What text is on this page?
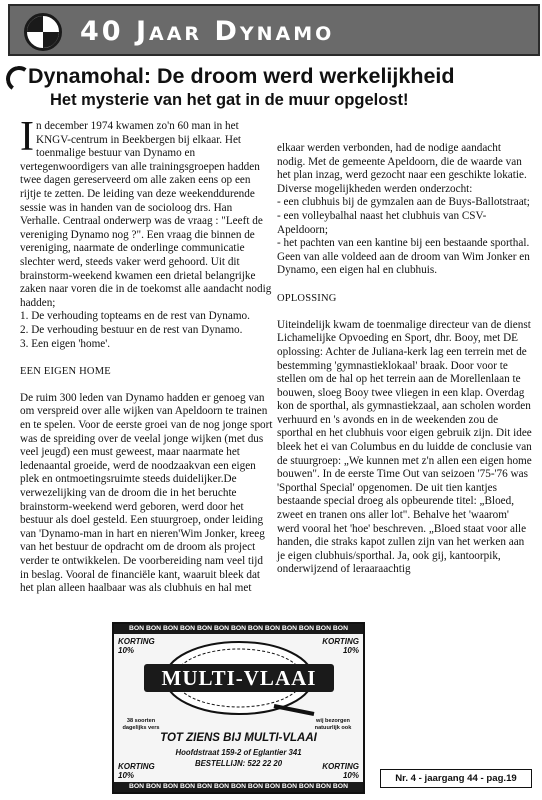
40 Jaar Dynamo
Dynamohal: De droom werd werkelijkheid
Het mysterie van het gat in de muur opgelost!

In december 1974 kwamen zo'n 60 man in het KNGV-centrum in Beekbergen bij elkaar. Het toenmalige bestuur van Dynamo en vertegenwoordigers van alle trainingsgroepen hadden twee dagen gereserveerd om alle zaken eens op een rijtje te zetten. De leiding van deze weekenddurende sessie was in handen van de socioloog drs. Han Verhalle. Centraal onderwerp was de vraag : "Leeft de vereniging Dynamo nog ?". Een vraag die binnen de vereniging, naarmate de onderlinge communicatie slechter werd, steeds vaker werd gehoord. Uit dit brainstorm-weekend kwamen een drietal belangrijke zaken naar voren die in de toekomst alle aandacht nodig hadden;

1. De verhouding topteams en de rest van Dynamo.

2. De verhouding bestuur en de rest van Dynamo.

3. Een eigen 'home'.

EEN EIGEN HOME

De ruim 300 leden van Dynamo hadden er genoeg van om verspreid over alle wijken van Apeldoorn te trainen en te spelen. Voor de eerste groei van de nog jonge sport was de spreiding over de veelal jonge wijken (met dus veel jeugd) een must geweest, maar naarmate het ledenaantal groeide, werd de noodzaakvan een eigen plek en ontmoetingsruimte steeds duidelijker.De verwezelijking van de droom die in het beruchte brainstorm-weekend werd geboren, werd door het bestuur als doel gesteld. Een stuurgroep, onder leiding van 'Dynamo-man in hart en nieren'Wim Jonker, kreeg van het bestuur de opdracht om de droom als project verder te ontwikkelen. De voorbereiding nam veel tijd in beslag. Vooral de financiële kant, waaruit bleek dat het plan alleen haalbaar was als clubhuis en hal met

elkaar werden verbonden, had de nodige aandacht nodig. Met de gemeente Apeldoorn, die de waarde van het plan inzag, werd gezocht naar een geschikte lokatie. Diverse mogelijkheden werden onderzocht:

- een clubhuis bij de gymzalen aan de Buys-Ballotstraat;

- een volleybalhal naast het clubhuis van CSV-Apeldoorn;

- het pachten van een kantine bij een bestaande sporthal.

Geen van alle voldeed aan de droom van Wim Jonker en Dynamo, een eigen hal en clubhuis.

OPLOSSING

Uiteindelijk kwam de toenmalige directeur van de dienst Lichamelijke Opvoeding en Sport, dhr. Booy, met DE oplossing: Achter de Juliana-kerk lag een terrein met de bestemming 'gymnastieklokaal' braak. Door voor te stellen om de hal op het terrein aan de Morellenlaan te bouwen, sloeg Booy twee vliegen in een klap. Overdag kon de sporthal, als gymnastiekzaal, aan scholen worden verhuurd en 's avonds en in de weekenden zou de sporthal en het clubhuis voor eigen gebruik zijn. Dit idee bleek het ei van Columbus en du luidde de conclusie van de stuurgroep: „We kunnen met z'n allen een eigen home bouwen". In de eerste Time Out van seizoen '75-'76 was 'Sporthal Special' opgenomen. De uit tien kantjes bestaande special droeg als opbeurende titel: „Bloed, zweet en tranen ons aller lot". Behalve het 'waarom' werd vooral het 'hoe' beschreven. „Bloed staat voor alle handen, die straks kapot zullen zijn van het werken aan je eigen clubhuis/sporthal. Ja, ook gij, kantoorpik, onderwijzend of leraaraachtig

BON BON BON BON BON BON BON BON BON BON BON BON BON
KORTING
10%
KORTING
10%
MULTI-VLAAI
38 soorten dagelijks vers
wij bezorgen natuurlijk ook
TOT ZIENS BIJ MULTI-VLAAI
Hoofdstraat 159-2 of Eglantier 341
BESTELLIJN: 522 22 20
KORTING
10%
KORTING
10%
BON BON BON BON BON BON BON BON BON BON BON BON BON
Nr. 4 - jaargang 44 - pag.19
